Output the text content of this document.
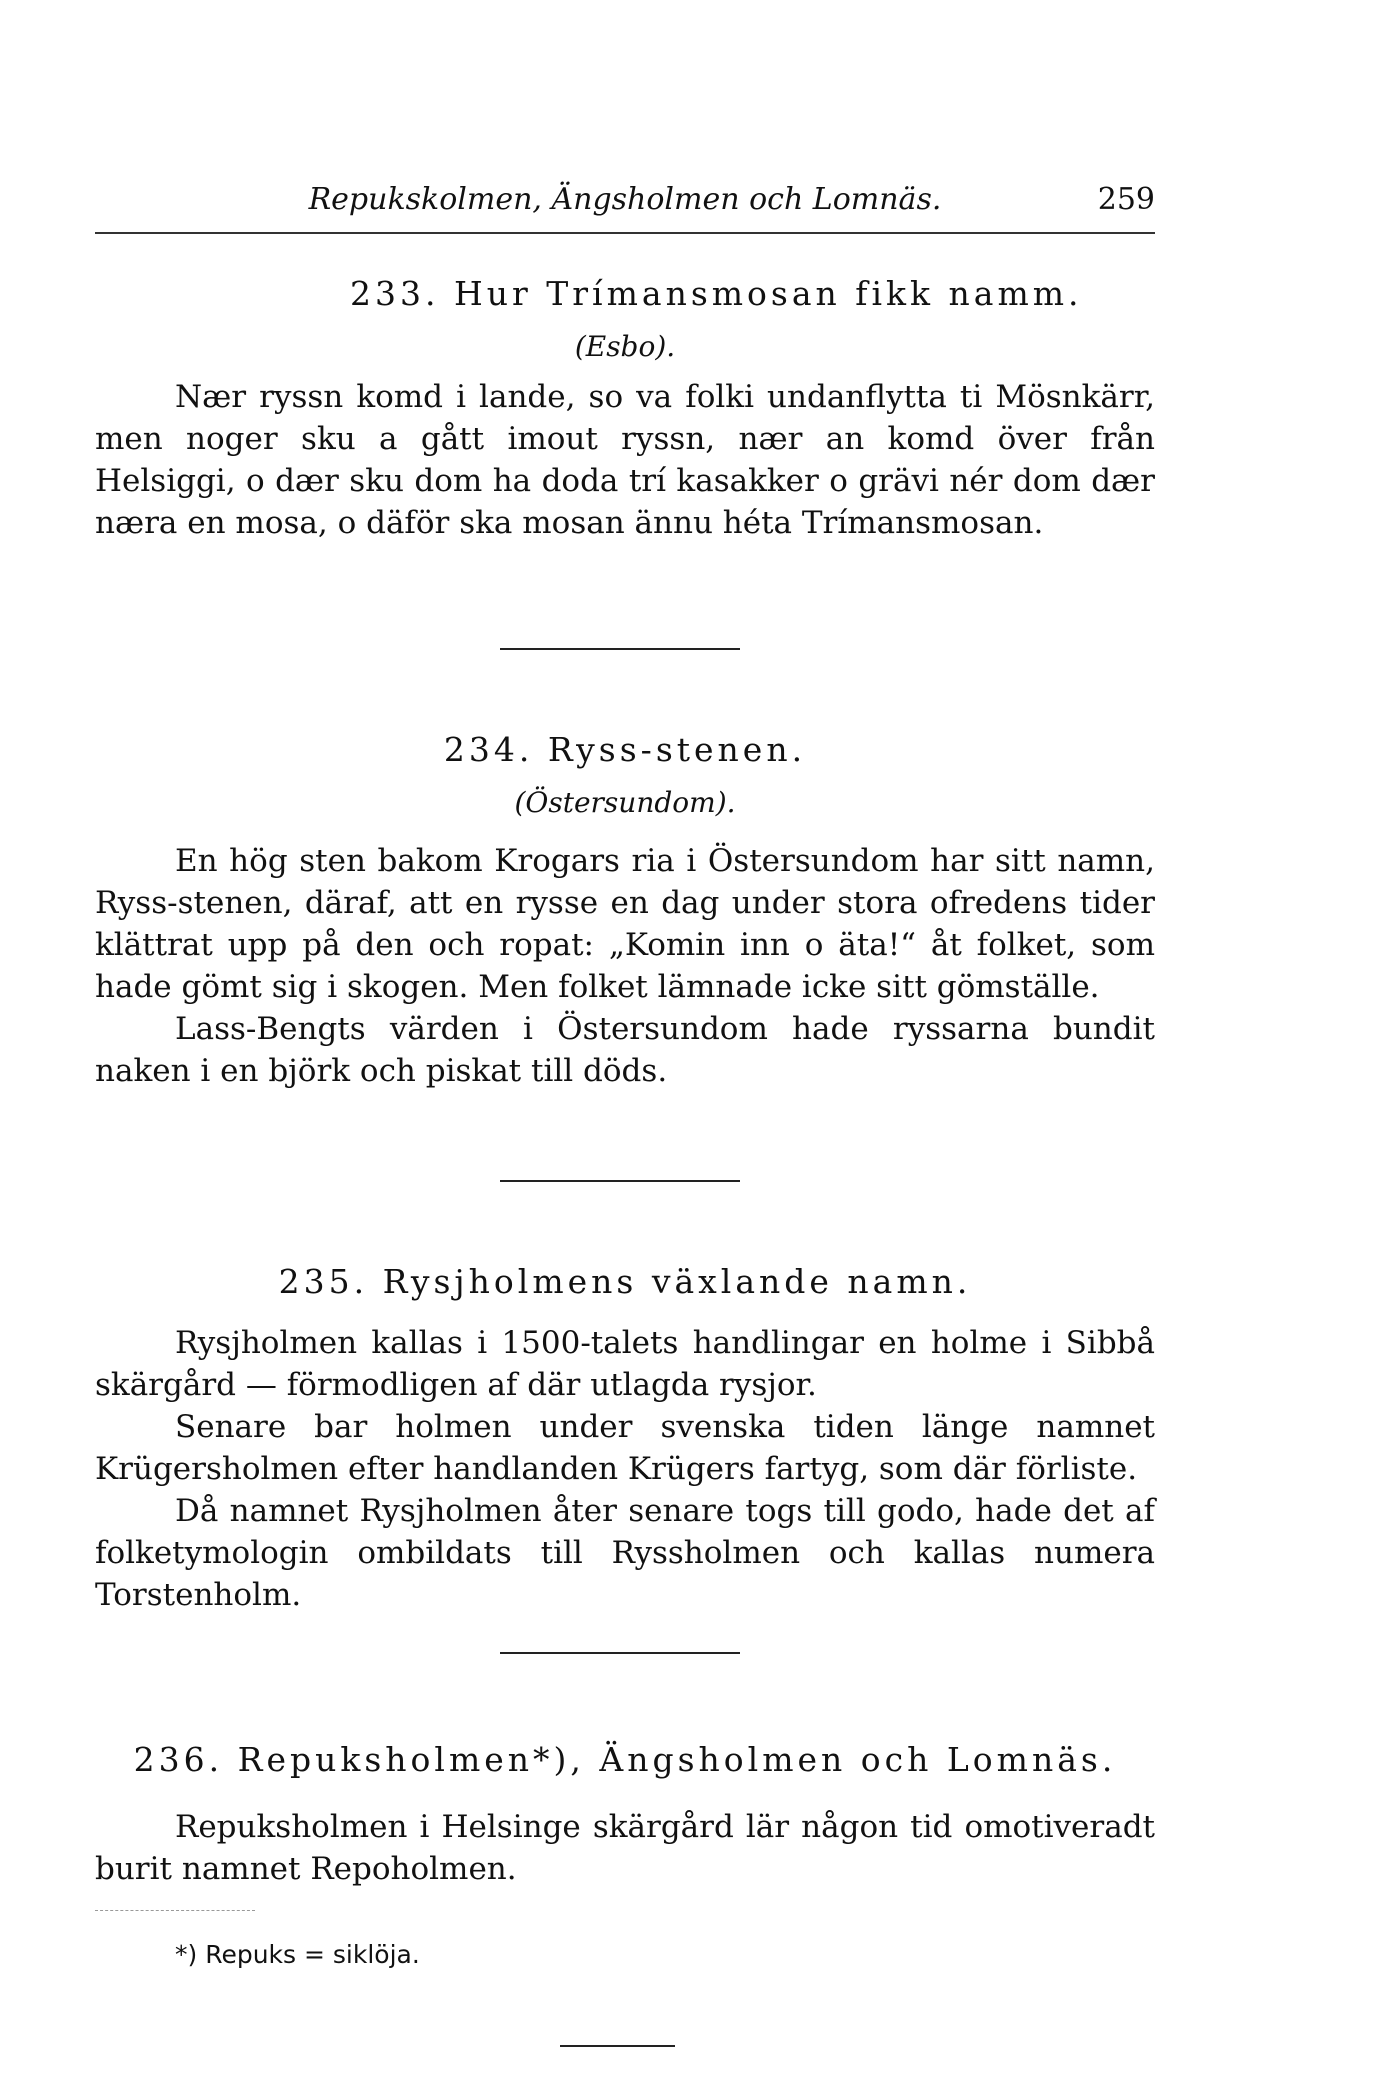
Repukskolmen, Ängsholmen och Lomnäs.	259
233. Hur Trímansmosan fikk namm.
(Esbo).

Nær ryssn komd i lande, so va folki undanflytta ti Mösnkärr, men noger sku a gått imout ryssn, nær an komd över från Helsiggi, o dær sku dom ha doda trí kasakker o grävi nér dom dær næra en mosa, o däför ska mosan ännu héta Trímansmosan.

234. Ryss-stenen.
(Östersundom).

En hög sten bakom Krogars ria i Östersundom har sitt namn, Ryss-stenen, däraf, att en rysse en dag under stora ofredens tider klättrat upp på den och ropat: „Komin inn o äta!“ åt folket, som hade gömt sig i skogen. Men folket lämnade icke sitt gömställe.

Lass-Bengts värden i Östersundom hade ryssarna bundit naken i en björk och piskat till döds.

235. Rysjholmens växlande namn.

Rysjholmen kallas i 1500-talets handlingar en holme i Sibbå skärgård — förmodligen af där utlagda rysjor.

Senare bar holmen under svenska tiden länge namnet Krügersholmen efter handlanden Krügers fartyg, som där förliste.

Då namnet Rysjholmen åter senare togs till godo, hade det af folketymologin ombildats till Ryssholmen och kallas numera Torstenholm.

236. Repuksholmen*), Ängsholmen och Lomnäs.

Repuksholmen i Helsinge skärgård lär någon tid omotiveradt burit namnet Repoholmen.

*) Repuks = siklöja.
